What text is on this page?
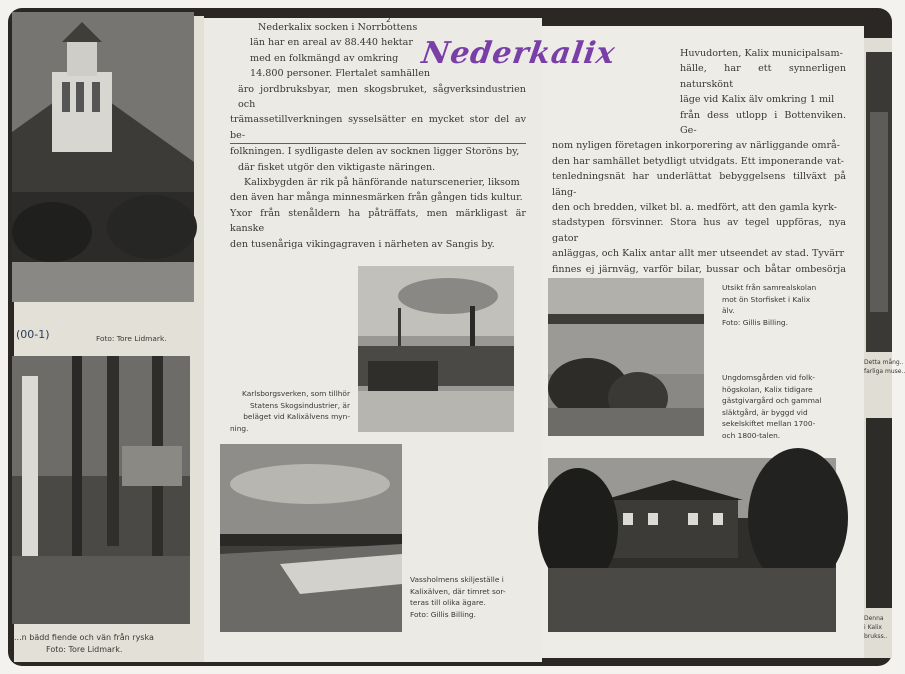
Foto: Tore Lidmark.
(00-1)
...n bädd fiende och vän från ryska
Foto: Tore Lidmark.
Nederkalix
2
Nederkalix socken i Norrbottens
län har en areal av 88.440 hektar
med en folkmängd av omkring
14.800 personer. Flertalet samhällen
äro jordbruksbyar, men skogsbruket, sågverksindustrien och
trämassetillverkningen sysselsätter en mycket stor del av be-
folkningen. I sydligaste delen av socknen ligger Storöns by,
där fisket utgör den viktigaste näringen.
Kalixbygden är rik på hänförande naturscenerier, liksom
den även har många minnesmärken från gången tids kultur.
Yxor från stenåldern ha påträffats, men märkligast är kanske
den tusenåriga vikingagraven i närheten av Sangis by.
Huvudorten, Kalix municipalsam-
hälle, har ett synnerligen naturskönt
läge vid Kalix älv omkring 1 mil
från dess utlopp i Bottenviken. Ge-
nom nyligen företagen inkorporering av närliggande områ-
den har samhället betydligt utvidgats. Ett imponerande vat-
tenledningsnät har underlättat bebyggelsens tillväxt på läng-
den och bredden, vilket bl. a. medfört, att den gamla kyrk-
stadstypen försvinner. Stora hus av tegel uppföras, nya gator
anläggas, och Kalix antar allt mer utseendet av stad. Tyvärr
finnes ej järnväg, varför bilar, bussar och båtar ombesörja
Karlsborgsverken, som tillhör
Statens Skogsindustrier, är
beläget vid Kalixälvens myn-
ning.
Vassholmens skiljeställe i
Kalixälven, där timret sor-
teras till olika ägare.
Foto: Gillis Billing.
Utsikt från samrealskolan
mot ön Storfisket i Kalix
älv.
Foto: Gillis Billing.
Ungdomsgården vid folk-
högskolan, Kalix tidigare
gästgivargård och gammal
släktgård, är byggd vid
sekelskiftet mellan 1700-
och 1800-talen.
Detta mång..
farliga muse..
Denna
i Kalix
brukss..
